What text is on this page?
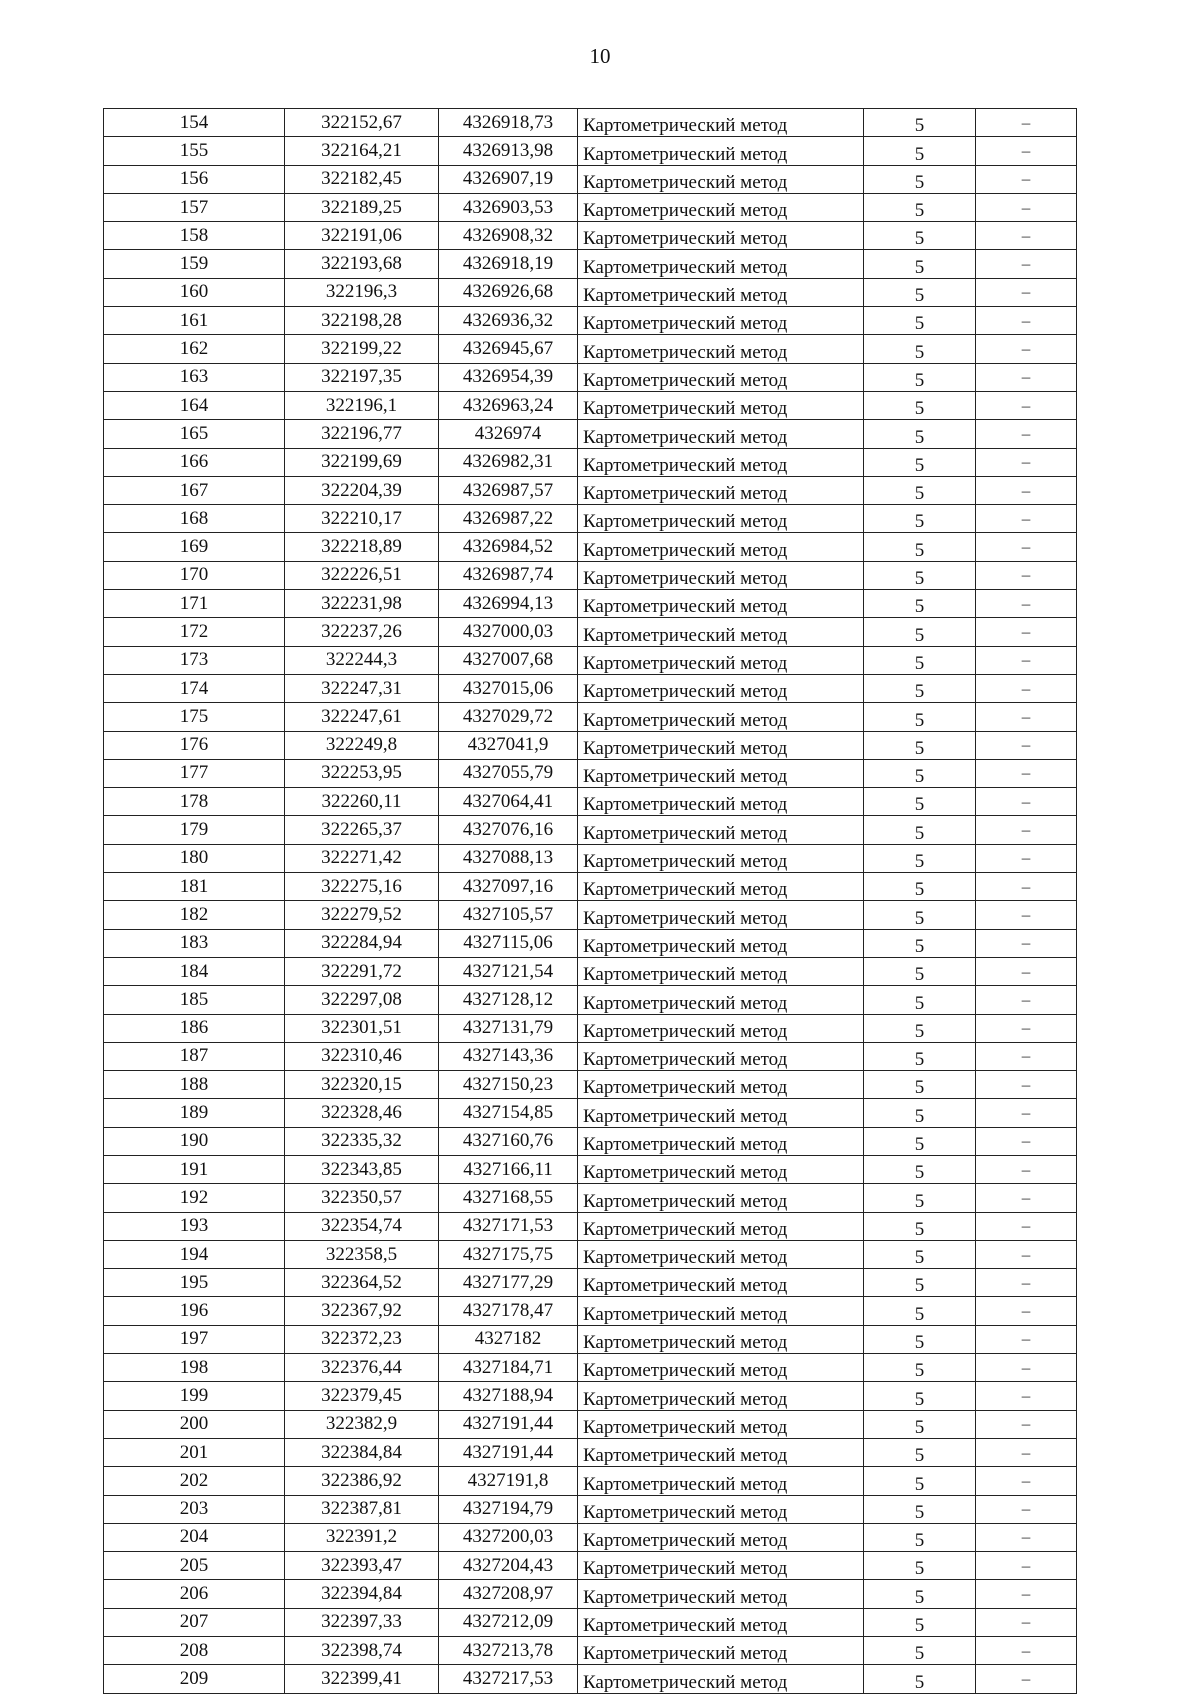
10
154	322152,67	4326918,73	Картометрический метод	5	–
155	322164,21	4326913,98	Картометрический метод	5	–
156	322182,45	4326907,19	Картометрический метод	5	–
157	322189,25	4326903,53	Картометрический метод	5	–
158	322191,06	4326908,32	Картометрический метод	5	–
159	322193,68	4326918,19	Картометрический метод	5	–
160	322196,3	4326926,68	Картометрический метод	5	–
161	322198,28	4326936,32	Картометрический метод	5	–
162	322199,22	4326945,67	Картометрический метод	5	–
163	322197,35	4326954,39	Картометрический метод	5	–
164	322196,1	4326963,24	Картометрический метод	5	–
165	322196,77	4326974	Картометрический метод	5	–
166	322199,69	4326982,31	Картометрический метод	5	–
167	322204,39	4326987,57	Картометрический метод	5	–
168	322210,17	4326987,22	Картометрический метод	5	–
169	322218,89	4326984,52	Картометрический метод	5	–
170	322226,51	4326987,74	Картометрический метод	5	–
171	322231,98	4326994,13	Картометрический метод	5	–
172	322237,26	4327000,03	Картометрический метод	5	–
173	322244,3	4327007,68	Картометрический метод	5	–
174	322247,31	4327015,06	Картометрический метод	5	–
175	322247,61	4327029,72	Картометрический метод	5	–
176	322249,8	4327041,9	Картометрический метод	5	–
177	322253,95	4327055,79	Картометрический метод	5	–
178	322260,11	4327064,41	Картометрический метод	5	–
179	322265,37	4327076,16	Картометрический метод	5	–
180	322271,42	4327088,13	Картометрический метод	5	–
181	322275,16	4327097,16	Картометрический метод	5	–
182	322279,52	4327105,57	Картометрический метод	5	–
183	322284,94	4327115,06	Картометрический метод	5	–
184	322291,72	4327121,54	Картометрический метод	5	–
185	322297,08	4327128,12	Картометрический метод	5	–
186	322301,51	4327131,79	Картометрический метод	5	–
187	322310,46	4327143,36	Картометрический метод	5	–
188	322320,15	4327150,23	Картометрический метод	5	–
189	322328,46	4327154,85	Картометрический метод	5	–
190	322335,32	4327160,76	Картометрический метод	5	–
191	322343,85	4327166,11	Картометрический метод	5	–
192	322350,57	4327168,55	Картометрический метод	5	–
193	322354,74	4327171,53	Картометрический метод	5	–
194	322358,5	4327175,75	Картометрический метод	5	–
195	322364,52	4327177,29	Картометрический метод	5	–
196	322367,92	4327178,47	Картометрический метод	5	–
197	322372,23	4327182	Картометрический метод	5	–
198	322376,44	4327184,71	Картометрический метод	5	–
199	322379,45	4327188,94	Картометрический метод	5	–
200	322382,9	4327191,44	Картометрический метод	5	–
201	322384,84	4327191,44	Картометрический метод	5	–
202	322386,92	4327191,8	Картометрический метод	5	–
203	322387,81	4327194,79	Картометрический метод	5	–
204	322391,2	4327200,03	Картометрический метод	5	–
205	322393,47	4327204,43	Картометрический метод	5	–
206	322394,84	4327208,97	Картометрический метод	5	–
207	322397,33	4327212,09	Картометрический метод	5	–
208	322398,74	4327213,78	Картометрический метод	5	–
209	322399,41	4327217,53	Картометрический метод	5	–
